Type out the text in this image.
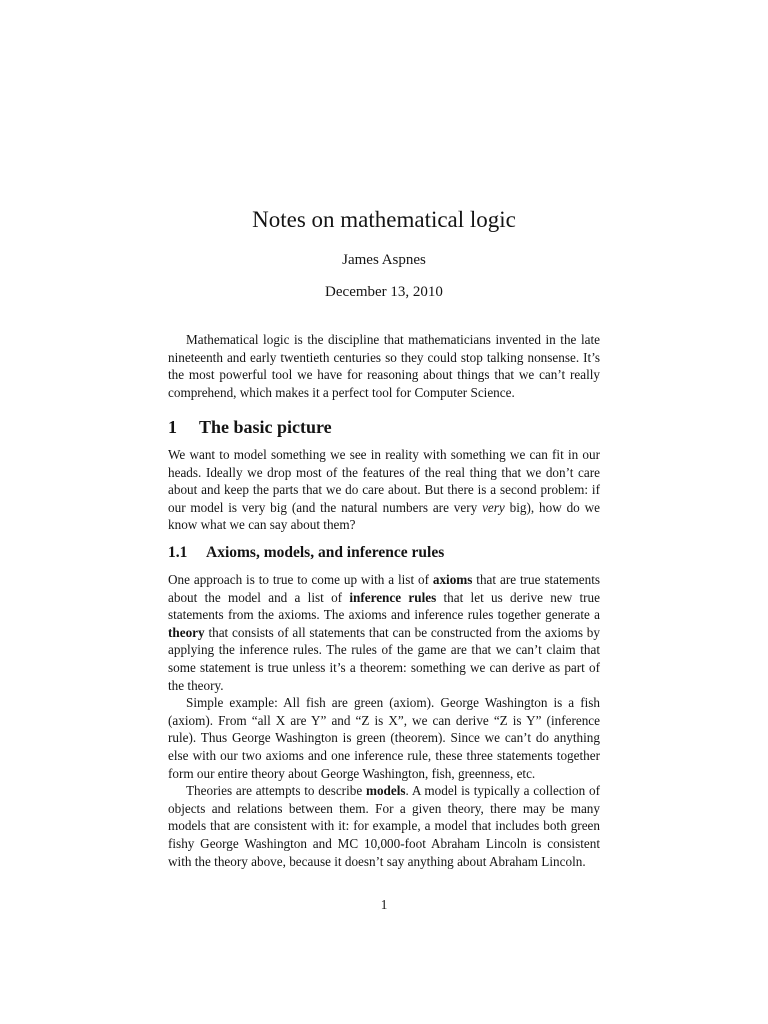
Notes on mathematical logic
James Aspnes
December 13, 2010

Mathematical logic is the discipline that mathematicians invented in the late nineteenth and early twentieth centuries so they could stop talking nonsense. It’s the most powerful tool we have for reasoning about things that we can’t really comprehend, which makes it a perfect tool for Computer Science.

1 The basic picture

We want to model something we see in reality with something we can fit in our heads. Ideally we drop most of the features of the real thing that we don’t care about and keep the parts that we do care about. But there is a second problem: if our model is very big (and the natural numbers are very very big), how do we know what we can say about them?

1.1 Axioms, models, and inference rules

One approach is to true to come up with a list of axioms that are true statements about the model and a list of inference rules that let us derive new true statements from the axioms. The axioms and inference rules together generate a theory that consists of all statements that can be constructed from the axioms by applying the inference rules. The rules of the game are that we can’t claim that some statement is true unless it’s a theorem: something we can derive as part of the theory.

Simple example: All fish are green (axiom). George Washington is a fish (axiom). From “all X are Y” and “Z is X”, we can derive “Z is Y” (inference rule). Thus George Washington is green (theorem). Since we can’t do anything else with our two axioms and one inference rule, these three statements together form our entire theory about George Washington, fish, greenness, etc.

Theories are attempts to describe models. A model is typically a collection of objects and relations between them. For a given theory, there may be many models that are consistent with it: for example, a model that includes both green fishy George Washington and MC 10,000-foot Abraham Lincoln is consistent with the theory above, because it doesn’t say anything about Abraham Lincoln.

1
